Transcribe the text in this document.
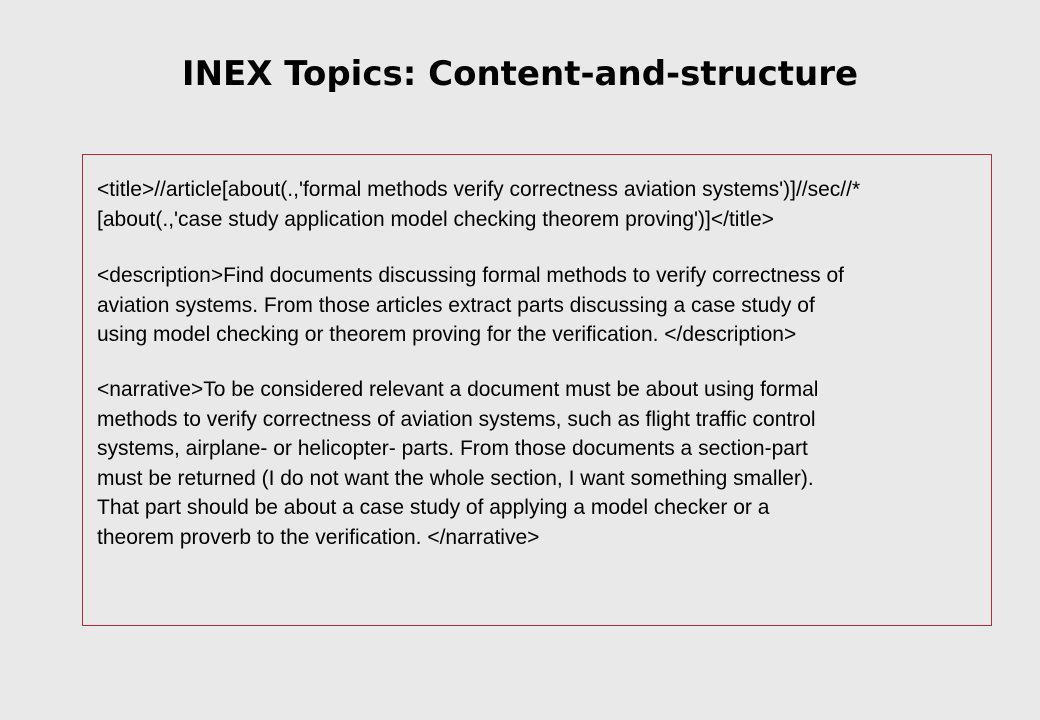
INEX Topics: Content-and-structure
<title>//article[about(.,'formal methods verify correctness aviation systems')]//sec//*
[about(.,'case study application model checking theorem proving')]</title>
<description>Find documents discussing formal methods to verify correctness of
aviation systems. From those articles extract parts discussing a case study of
using model checking or theorem proving for the verification. </description>
<narrative>To be considered relevant a document must be about using formal
methods to verify correctness of aviation systems, such as flight traffic control
systems, airplane- or helicopter- parts. From those documents a section-part
must be returned (I do not want the whole section, I want something smaller).
That part should be about a case study of applying a model checker or a
theorem proverb to the verification. </narrative>
